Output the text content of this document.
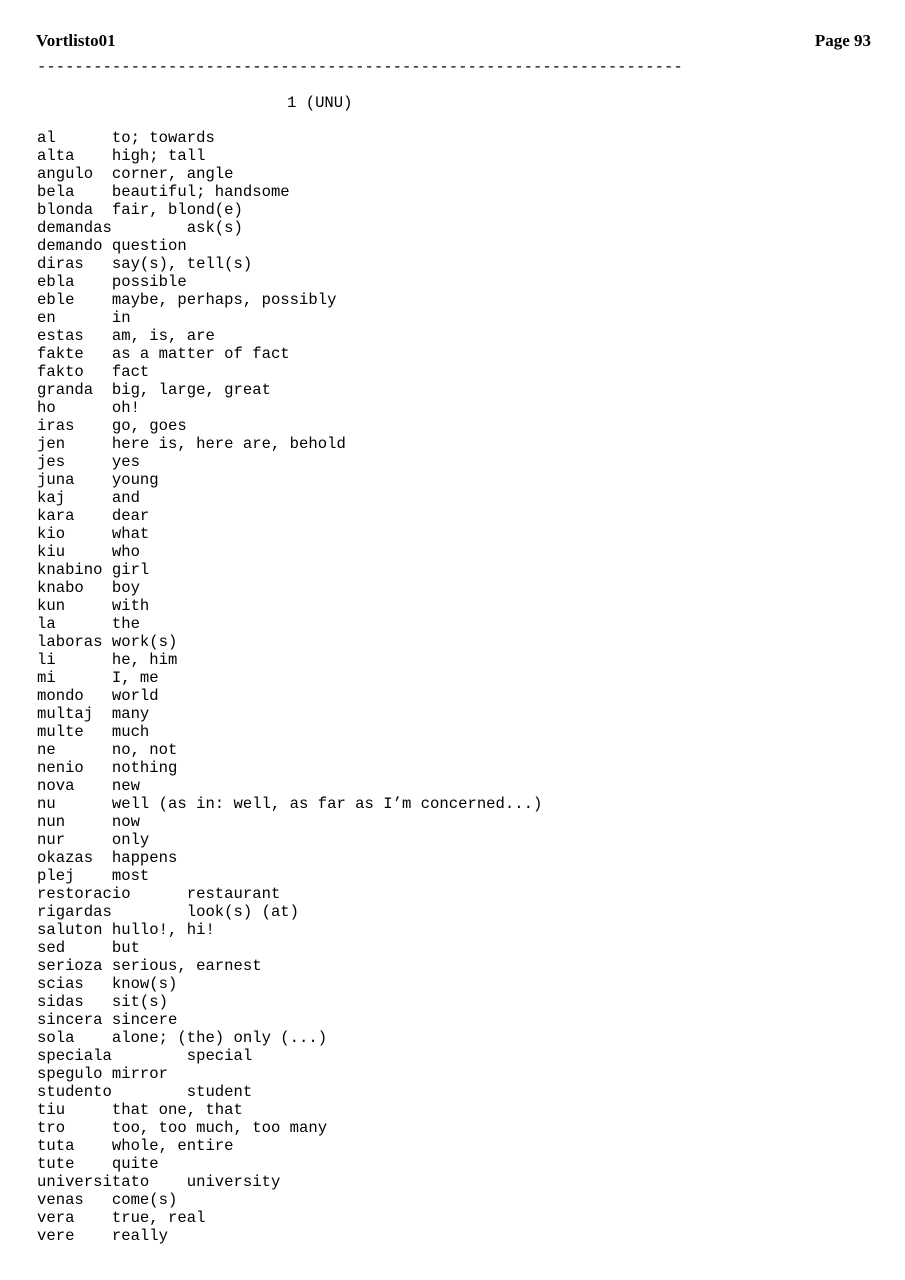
Vortlisto01	Page 93
---------------------------------------------------------------------
1 (UNU)
al      to; towards
alta    high; tall
angulo  corner, angle
bela    beautiful; handsome
blonda  fair, blond(e)
demandas        ask(s)
demando question
diras   say(s), tell(s)
ebla    possible
eble    maybe, perhaps, possibly
en      in
estas   am, is, are
fakte   as a matter of fact
fakto   fact
granda  big, large, great
ho      oh!
iras    go, goes
jen     here is, here are, behold
jes     yes
juna    young
kaj     and
kara    dear
kio     what
kiu     who
knabino girl
knabo   boy
kun     with
la      the
laboras work(s)
li      he, him
mi      I, me
mondo   world
multaj  many
multe   much
ne      no, not
nenio   nothing
nova    new
nu      well (as in: well, as far as I’m concerned...)
nun     now
nur     only
okazas  happens
plej    most
restoracio      restaurant
rigardas        look(s) (at)
saluton hullo!, hi!
sed     but
serioza serious, earnest
scias   know(s)
sidas   sit(s)
sincera sincere
sola    alone; (the) only (...)
speciala        special
spegulo mirror
studento        student
tiu     that one, that
tro     too, too much, too many
tuta    whole, entire
tute    quite
universitato    university
venas   come(s)
vera    true, real
vere    really
